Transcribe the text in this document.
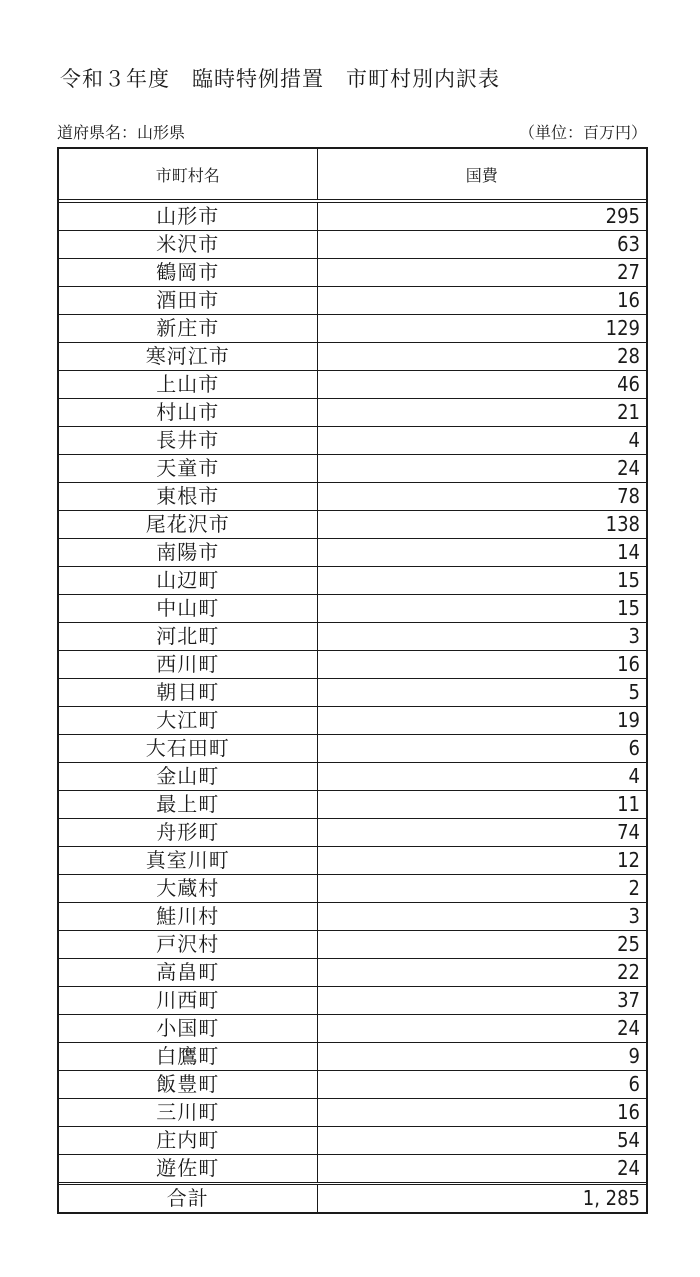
令和３年度　臨時特例措置　市町村別内訳表
道府県名：山形県	（単位：百万円）
市町村名	国費
山形市	295
米沢市	63
鶴岡市	27
酒田市	16
新庄市	129
寒河江市	28
上山市	46
村山市	21
長井市	4
天童市	24
東根市	78
尾花沢市	138
南陽市	14
山辺町	15
中山町	15
河北町	3
西川町	16
朝日町	5
大江町	19
大石田町	6
金山町	4
最上町	11
舟形町	74
真室川町	12
大蔵村	2
鮭川村	3
戸沢村	25
高畠町	22
川西町	37
小国町	24
白鷹町	9
飯豊町	6
三川町	16
庄内町	54
遊佐町	24
合計	1, 285
